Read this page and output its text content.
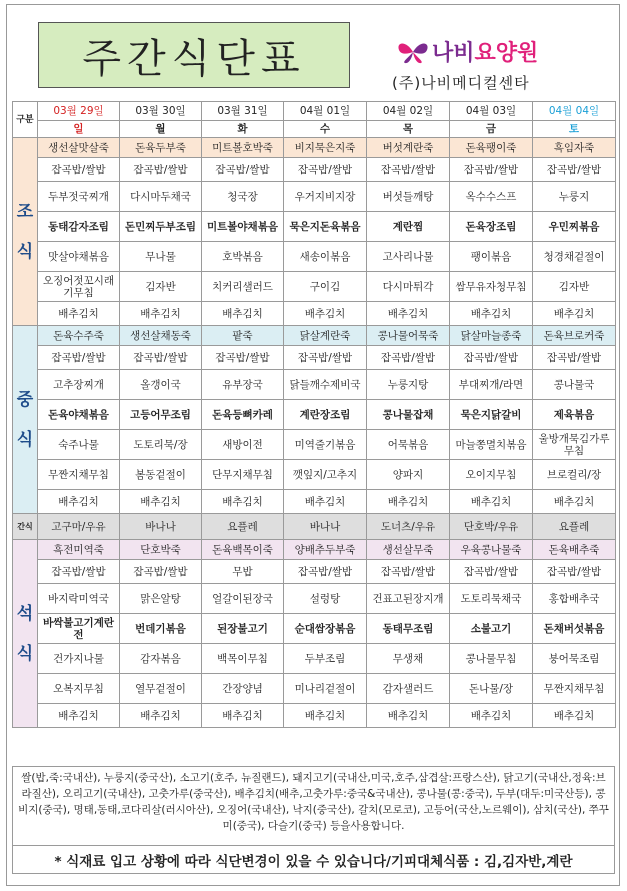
주간식단표	나비요양원
(주)나비메디컬센타
구분	03월 29일	03월 30일	03월 31일	04월 01일	04월 02일	04월 03일	04월 04일
	일	월	화	수	목	금	토

조
식	생선살맛살죽	돈육두부죽	미트볼호박죽	비지묵은지죽	버섯계란죽	돈육팽이죽	흑임자죽
	잡곡밥/쌀밥	잡곡밥/쌀밥	잡곡밥/쌀밥	잡곡밥/쌀밥	잡곡밥/쌀밥	잡곡밥/쌀밥	잡곡밥/쌀밥
	두부젓국찌개	다시마두채국	청국장	우거지비지장	버섯들깨탕	옥수수스프	누룽지
	동태감자조림	돈민찌두부조림	미트볼야채볶음	묵은지돈육볶음	계란찜	돈육장조림	우민찌볶음
	맛살야채볶음	무나물	호박볶음	새송이볶음	고사리나물	팽이볶음	청경채겉절이
	오징어젓꼬시래기무침	김자반	치커리샐러드	구이김	다시마튀각	쌈무유자청무침	김자반
	배추김치	배추김치	배추김치	배추김치	배추김치	배추김치	배추김치

중
식	돈육수주죽	생선살채동죽	팥죽	닭살계란죽	콩나물어묵죽	닭살마늘종죽	돈육브로커죽
	잡곡밥/쌀밥	잡곡밥/쌀밥	잡곡밥/쌀밥	잡곡밥/쌀밥	잡곡밥/쌀밥	잡곡밥/쌀밥	잡곡밥/쌀밥
	고추장찌개	올갱이국	유부장국	닭들깨수제비국	누룽지탕	부대찌개/라면	콩나물국
	돈육야채볶음	고등어무조림	돈육등뼈카레	계란장조림	콩나물잡채	묵은지닭갈비	제육볶음
	숙주나물	도토리묵/장	새방이전	미역줄기볶음	어묵볶음	마늘쫑멸치볶음	울방개묵김가루무침
	무짠지채무침	봄동겉절이	단무지채무침	깻잎지/고추지	양파지	오이지무침	브로컬리/장
	배추김치	배추김치	배추김치	배추김치	배추김치	배추김치	배추김치
간식	고구마/우유	바나나	요플레	바나나	도너츠/우유	단호박/우유	요플레

석
식	흑전미역죽	단호박죽	돈육백목이죽	양배추두부죽	생선살무죽	우육콩나물죽	돈육배추죽
	잡곡밥/쌀밥	잡곡밥/쌀밥	무밥	잡곡밥/쌀밥	잡곡밥/쌀밥	잡곡밥/쌀밥	잡곡밥/쌀밥
	바지락미역국	맑은알탕	얼갈이된장국	설렁탕	건표고된장지개	도토리묵채국	홍합배추국
	바싹불고기계란전	번데기볶음	된장불고기	순대쌈장볶음	동태무조림	소불고기	돈채버섯볶음
	건가지나물	감자볶음	백목이무침	두부조림	무생채	콩나물무침	붕어묵조림
	오복지무침	열무겉절이	간장양념	미나리겉절이	감자샐러드	돈나물/장	무짠지채무침
	배추김치	배추김치	배추김치	배추김치	배추김치	배추김치	배추김치
쌀(밥,죽:국내산), 누룽지(중국산), 소고기(호주, 뉴질랜드), 돼지고기(국내산,미국,호주,삼겹살:프랑스산), 닭고기(국내산,정육:브라질산), 오리고기(국내산), 고춧가루(중국산), 배추김치(배추,고춧가루:중국&국내산), 콩나물(콩:중국), 두부(대두:미국산등), 콩비지(중국), 명태,동태,코다리살(러시아산), 오징어(국내산), 낙지(중국산), 갈치(모로코), 고등어(국산,노르웨이), 삼치(국산), 쭈꾸미(중국), 다슬기(중국) 등을사용합니다.
* 식재료 입고 상황에 따라 식단변경이 있을 수 있습니다/기피대체식품 : 김,김자반,계란
